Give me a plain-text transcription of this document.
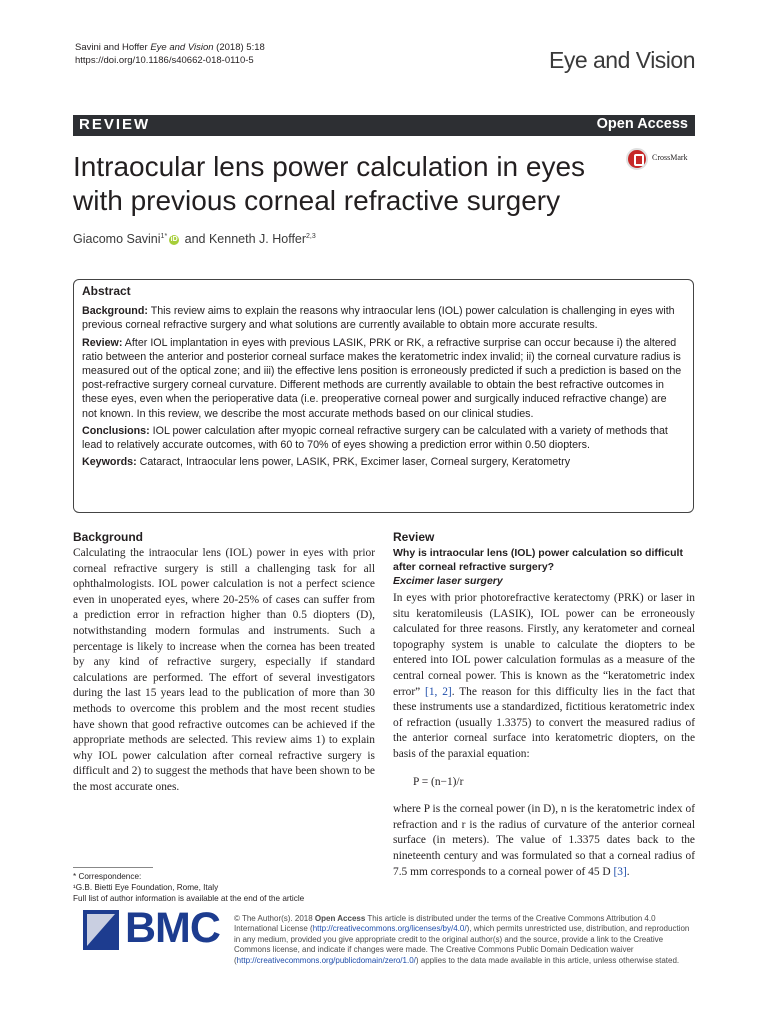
Savini and Hoffer Eye and Vision (2018) 5:18
https://doi.org/10.1186/s40662-018-0110-5	Eye and Vision
REVIEW	Open Access
Intraocular lens power calculation in eyes with previous corneal refractive surgery
CrossMark
Giacomo Savini$^{1*}$ iD and Kenneth J. Hoffer$^{2,3}$
Abstract

Background: This review aims to explain the reasons why intraocular lens (IOL) power calculation is challenging in eyes with previous corneal refractive surgery and what solutions are currently available to obtain more accurate results.

Review: After IOL implantation in eyes with previous LASIK, PRK or RK, a refractive surprise can occur because i) the altered ratio between the anterior and posterior corneal surface makes the keratometric index invalid; ii) the corneal curvature radius is measured out of the optical zone; and iii) the effective lens position is erroneously predicted if such a prediction is based on the post-refractive surgery corneal curvature. Different methods are currently available to obtain the best refractive outcomes in these eyes, even when the perioperative data (i.e. preoperative corneal power and surgically induced refractive change) are not known. In this review, we describe the most accurate methods based on our clinical studies.

Conclusions: IOL power calculation after myopic corneal refractive surgery can be calculated with a variety of methods that lead to relatively accurate outcomes, with 60 to 70% of eyes showing a prediction error within 0.50 diopters.

Keywords: Cataract, Intraocular lens power, LASIK, PRK, Excimer laser, Corneal surgery, Keratometry

Background

Calculating the intraocular lens (IOL) power in eyes with prior corneal refractive surgery is still a challenging task for all ophthalmologists. IOL power calculation is not a perfect science even in unoperated eyes, where 20-25% of cases can suffer from a prediction error in refraction higher than 0.5 diopters (D), notwithstanding modern formulas and instruments. Such a percentage is likely to increase when the cornea has been treated by any kind of refractive surgery, especially if standard calculations are performed. The effort of several investigators during the last 15 years lead to the publication of more than 30 methods to overcome this problem and the most recent studies have shown that good refractive outcomes can be achieved if the appropriate methods are selected. This review aims 1) to explain why IOL power calculation after corneal refractive surgery is difficult and 2) to suggest the methods that have been shown to be the most accurate ones.

Review
Why is intraocular lens (IOL) power calculation so difficult after corneal refractive surgery?
Excimer laser surgery

In eyes with prior photorefractive keratectomy (PRK) or laser in situ keratomileusis (LASIK), IOL power can be erroneously calculated for three reasons. Firstly, any keratometer and corneal topography system is unable to calculate the diopters to be entered into IOL power calculation formulas as a measure of the central corneal power. This is known as the “keratometric index error” [1, 2]. The reason for this difficulty lies in the fact that these instruments use a standardized, fictitious keratometric index of refraction (usually 1.3375) to convert the measured radius of the anterior corneal surface into keratometric diopters, on the basis of the paraxial equation:

P = (n−1)/r

where P is the corneal power (in D), n is the keratometric index of refraction and r is the radius of curvature of the anterior corneal surface (in meters). The value of 1.3375 dates back to the nineteenth century and was formulated so that a corneal radius of 7.5 mm corresponds to a corneal power of 45 D [3].

* Correspondence:
¹G.B. Bietti Eye Foundation, Rome, Italy
Full list of author information is available at the end of the article
BMC © The Author(s). 2018 Open Access This article is distributed under the terms of the Creative Commons Attribution 4.0 International License (http://creativecommons.org/licenses/by/4.0/), which permits unrestricted use, distribution, and reproduction in any medium, provided you give appropriate credit to the original author(s) and the source, provide a link to the Creative Commons license, and indicate if changes were made. The Creative Commons Public Domain Dedication waiver (http://creativecommons.org/publicdomain/zero/1.0/) applies to the data made available in this article, unless otherwise stated.
